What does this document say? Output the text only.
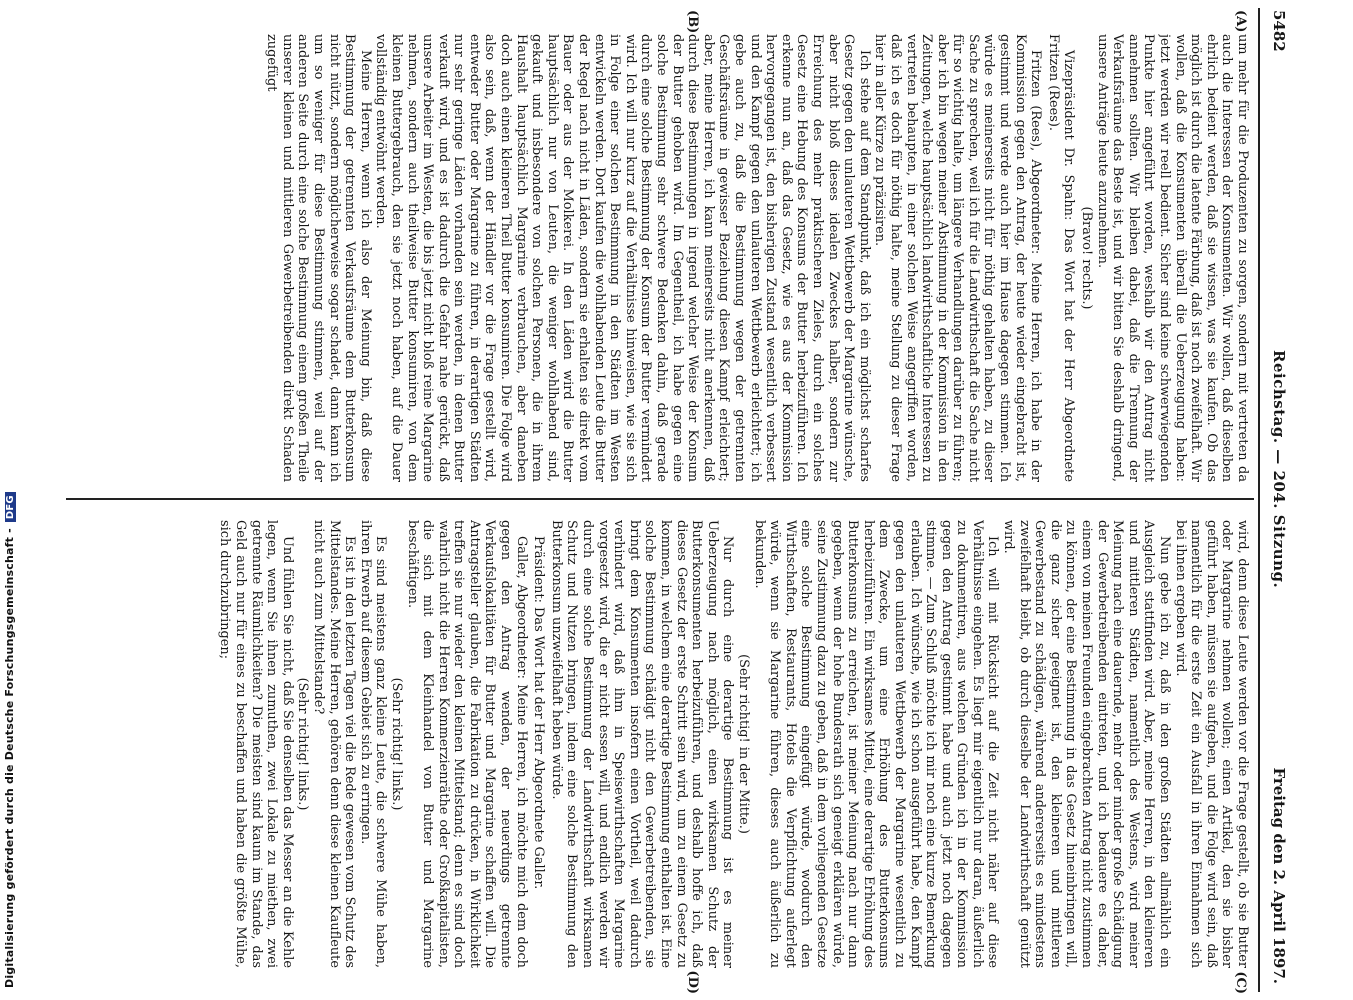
Digitalisierung gefördert durch die Deutsche Forschungsgemeinschaft -DFG
5482
Reichstag. — 204. Sitzung.
Freitag den 2. April 1897.
(A)
(B)
(C)
(D)

um mehr für die Produzenten zu sorgen, sondern mit vertreten da auch die Interessen der Konsumenten. Wir wollen, daß dieselben ehrlich bedient werden, daß sie wissen, was sie kaufen. Ob das möglich ist durch die latente Färbung, daß ist noch zweifelhaft. Wir wollen, daß die Konsumenten überall die Ueberzeugung haben: jetzt werden wir reell bedient. Sicher sind keine schwerwiegenden Punkte hier angeführt worden, weshalb wir den Antrag nicht annehmen sollten. Wir bleiben dabei, daß die Trennung der Verkaufsräume das Beste ist, und wir bitten Sie deshalb dringend, unsere Anträge heute anzunehmen.

(Bravo! rechts.)

Vizepräsident Dr. Spahn: Das Wort hat der Herr Abgeordnete Fritzen (Rees).

Fritzen (Rees), Abgeordneter: Meine Herren, ich habe in der Kommission gegen den Antrag, der heute wieder eingebracht ist, gestimmt und werde auch hier im Hause dagegen stimmen. Ich würde es meinerseits nicht für nöthig gehalten haben, zu dieser Sache zu sprechen, weil ich für die Landwirthschaft die Sache nicht für so wichtig halte, um längere Verhandlungen darüber zu führen; aber ich bin wegen meiner Abstimmung in der Kommission in den Zeitungen, welche hauptsächlich landwirthschaftliche Interessen zu vertreten behaupten, in einer solchen Weise angegriffen worden, daß ich es doch für nöthig halte, meine Stellung zu dieser Frage hier in aller Kürze zu präzisiren.

Ich stehe auf dem Standpunkt, daß ich ein möglichst scharfes Gesetz gegen den unlauteren Wettbewerb der Margarine wünsche, aber nicht bloß dieses idealen Zweckes halber, sondern zur Erreichung des mehr praktischeren Zieles, durch ein solches Gesetz eine Hebung des Konsums der Butter herbeizuführen. Ich erkenne nun an, daß das Gesetz, wie es aus der Kommission hervorgegangen ist, den bisherigen Zustand wesentlich verbessert und den Kampf gegen den unlauteren Wettbewerb erleichtert; ich gebe auch zu, daß die Bestimmung wegen der getrennten Geschäftsräume in gewisser Beziehung diesen Kampf erleichtert; aber, meine Herren, ich kann meinerseits nicht anerkennen, daß durch diese Bestimmungen in irgend welcher Weise der Konsum der Butter gehoben wird. Im Gegentheil, ich habe gegen eine solche Bestimmung sehr schwere Bedenken dahin, daß gerade durch eine solche Bestimmung der Konsum der Butter vermindert wird. Ich will nur kurz auf die Verhältnisse hinweisen, wie sie sich in Folge einer solchen Bestimmung in den Städten im Westen entwickeln werden. Dort kaufen die wohlhabenden Leute die Butter der Regel nach nicht in Läden, sondern sie erhalten sie direkt vom Bauer oder aus der Molkerei. In den Läden wird die Butter hauptsächlich nur von Leuten, die weniger wohlhabend sind, gekauft und insbesondere von solchen Personen, die in ihrem Haushalt hauptsächlich Margarine verbrauchen, aber daneben doch auch einen kleineren Theil Butter konsumiren. Die Folge wird also sein, daß, wenn der Händler vor die Frage gestellt wird, entweder Butter oder Margarine zu führen, in derartigen Städten nur sehr geringe Läden vorhanden sein werden, in denen Butter verkauft wird, und es ist dadurch die Gefahr nahe gerückt, daß unsere Arbeiter im Westen, die bis jetzt nicht bloß reine Margarine nehmen, sondern auch theilweise Butter konsumiren, von dem kleinen Buttergebrauch, den sie jetzt noch haben, auf die Dauer vollständig entwöhnt werden.

Meine Herren, wenn ich also der Meinung bin, daß diese Bestimmung der getrennten Verkaufsräume dem Butterkonsum nicht nützt, sondern möglicherweise sogar schadet, dann kann ich um so weniger für diese Bestimmung stimmen, weil auf der anderen Seite durch eine solche Bestimmung einem großen Theile unserer kleinen und mittleren Gewerbetreibenden direkt Schaden zugefügt

wird, denn diese Leute werden vor die Frage gestellt, ob sie Butter oder Margarine nehmen wollen; einen Artikel, den sie bisher geführt haben, müssen sie aufgeben, und die Folge wird sein, daß namentlich für die erste Zeit ein Ausfall in ihren Einnahmen sich bei ihnen ergeben wird.

Nun gebe ich zu, daß in den großen Städten allmählich ein Ausgleich stattfinden wird. Aber, meine Herren, in den kleineren und mittleren Städten, namentlich des Westens, wird meiner Meinung nach eine dauernde, mehr oder minder große Schädigung der Gewerbetreibenden eintreten, und ich bedauere es daher, einem von meinen Freunden eingebrachten Antrag nicht zustimmen zu können, der eine Bestimmung in das Gesetz hineinbringen will, die ganz sicher geeignet ist, den kleineren und mittleren Gewerbestand zu schädigen, während andererseits es mindestens zweifelhaft bleibt, ob durch dieselbe der Landwirthschaft genützt wird.

Ich will mit Rücksicht auf die Zeit nicht näher auf diese Verhältnisse eingehen. Es liegt mir eigentlich nur daran, äußerlich zu dokumentiren, aus welchen Gründen ich in der Kommission gegen den Antrag gestimmt habe und auch jetzt noch dagegen stimme. — Zum Schluß möchte ich mir noch eine kurze Bemerkung erlauben. Ich wünsche, wie ich schon ausgeführt habe, den Kampf gegen den unlauteren Wettbewerb der Margarine wesentlich zu dem Zwecke, um eine Erhöhung des Butterkonsums herbeizuführen. Ein wirksames Mittel, eine derartige Erhöhung des Butterkonsums zu erreichen, ist meiner Meinung nach nur dann gegeben, wenn der hohe Bundesrath sich geneigt erklären würde, seine Zustimmung dazu zu geben, daß in dem vorliegenden Gesetze eine solche Bestimmung eingefügt würde, wodurch den Wirthschaften, Restaurants, Hotels die Verpflichtung auferlegt würde, wenn sie Margarine führen, dieses auch äußerlich zu bekunden.

(Sehr richtig! in der Mitte.)

Nur durch eine derartige Bestimmung ist es meiner Ueberzeugung nach möglich, einen wirksamen Schutz der Butterkonsumenten herbeizuführen, und deshalb hoffe ich, daß dieses Gesetz der erste Schritt sein wird, um zu einem Gesetz zu kommen, in welchem eine derartige Bestimmung enthalten ist. Eine solche Bestimmung schädigt nicht den Gewerbetreibenden, sie bringt dem Konsumenten insofern einen Vortheil, weil dadurch verhindert wird, daß ihm in Speisewirthschaften Margarine vorgesetzt wird, die er nicht essen will, und endlich werden wir durch eine solche Bestimmung der Landwirthschaft wirksamen Schutz und Nutzen bringen, indem eine solche Bestimmung den Butterkonsum unzweifelhaft heben würde.

Präsident: Das Wort hat der Herr Abgeordnete Galler.

Galler, Abgeordneter: Meine Herren, ich möchte mich dem doch gegen den Antrag wenden, der neuerdings getrennte Verkaufslokalitäten für Butter und Margarine schaffen will. Die Antragsteller glauben, die Fabrikation zu drücken, in Wirklichkeit treffen sie nur wieder den kleinen Mittelstand; denn es sind doch wahrlich nicht die Herren Kommerzienräthe oder Großkapitalisten, die sich mit dem Kleinhandel von Butter und Margarine beschäftigen.

(Sehr richtig! links.)

Es sind meistens ganz kleine Leute, die schwere Mühe haben, ihren Erwerb auf diesem Gebiet sich zu erringen.

Es ist in den letzten Tagen viel die Rede gewesen vom Schutz des Mittelstandes. Meine Herren, gehören denn diese kleinen Kaufleute nicht auch zum Mittelstande?

(Sehr richtig! links.)

Und fühlen Sie nicht, daß Sie denselben das Messer an die Kehle legen, wenn Sie ihnen zumuthen, zwei Lokale zu miethen, zwei getrennte Räumlichkeiten? Die meisten sind kaum im Stande, das Geld auch nur für eines zu beschaffen und haben die größte Mühe, sich durchzubringen;
